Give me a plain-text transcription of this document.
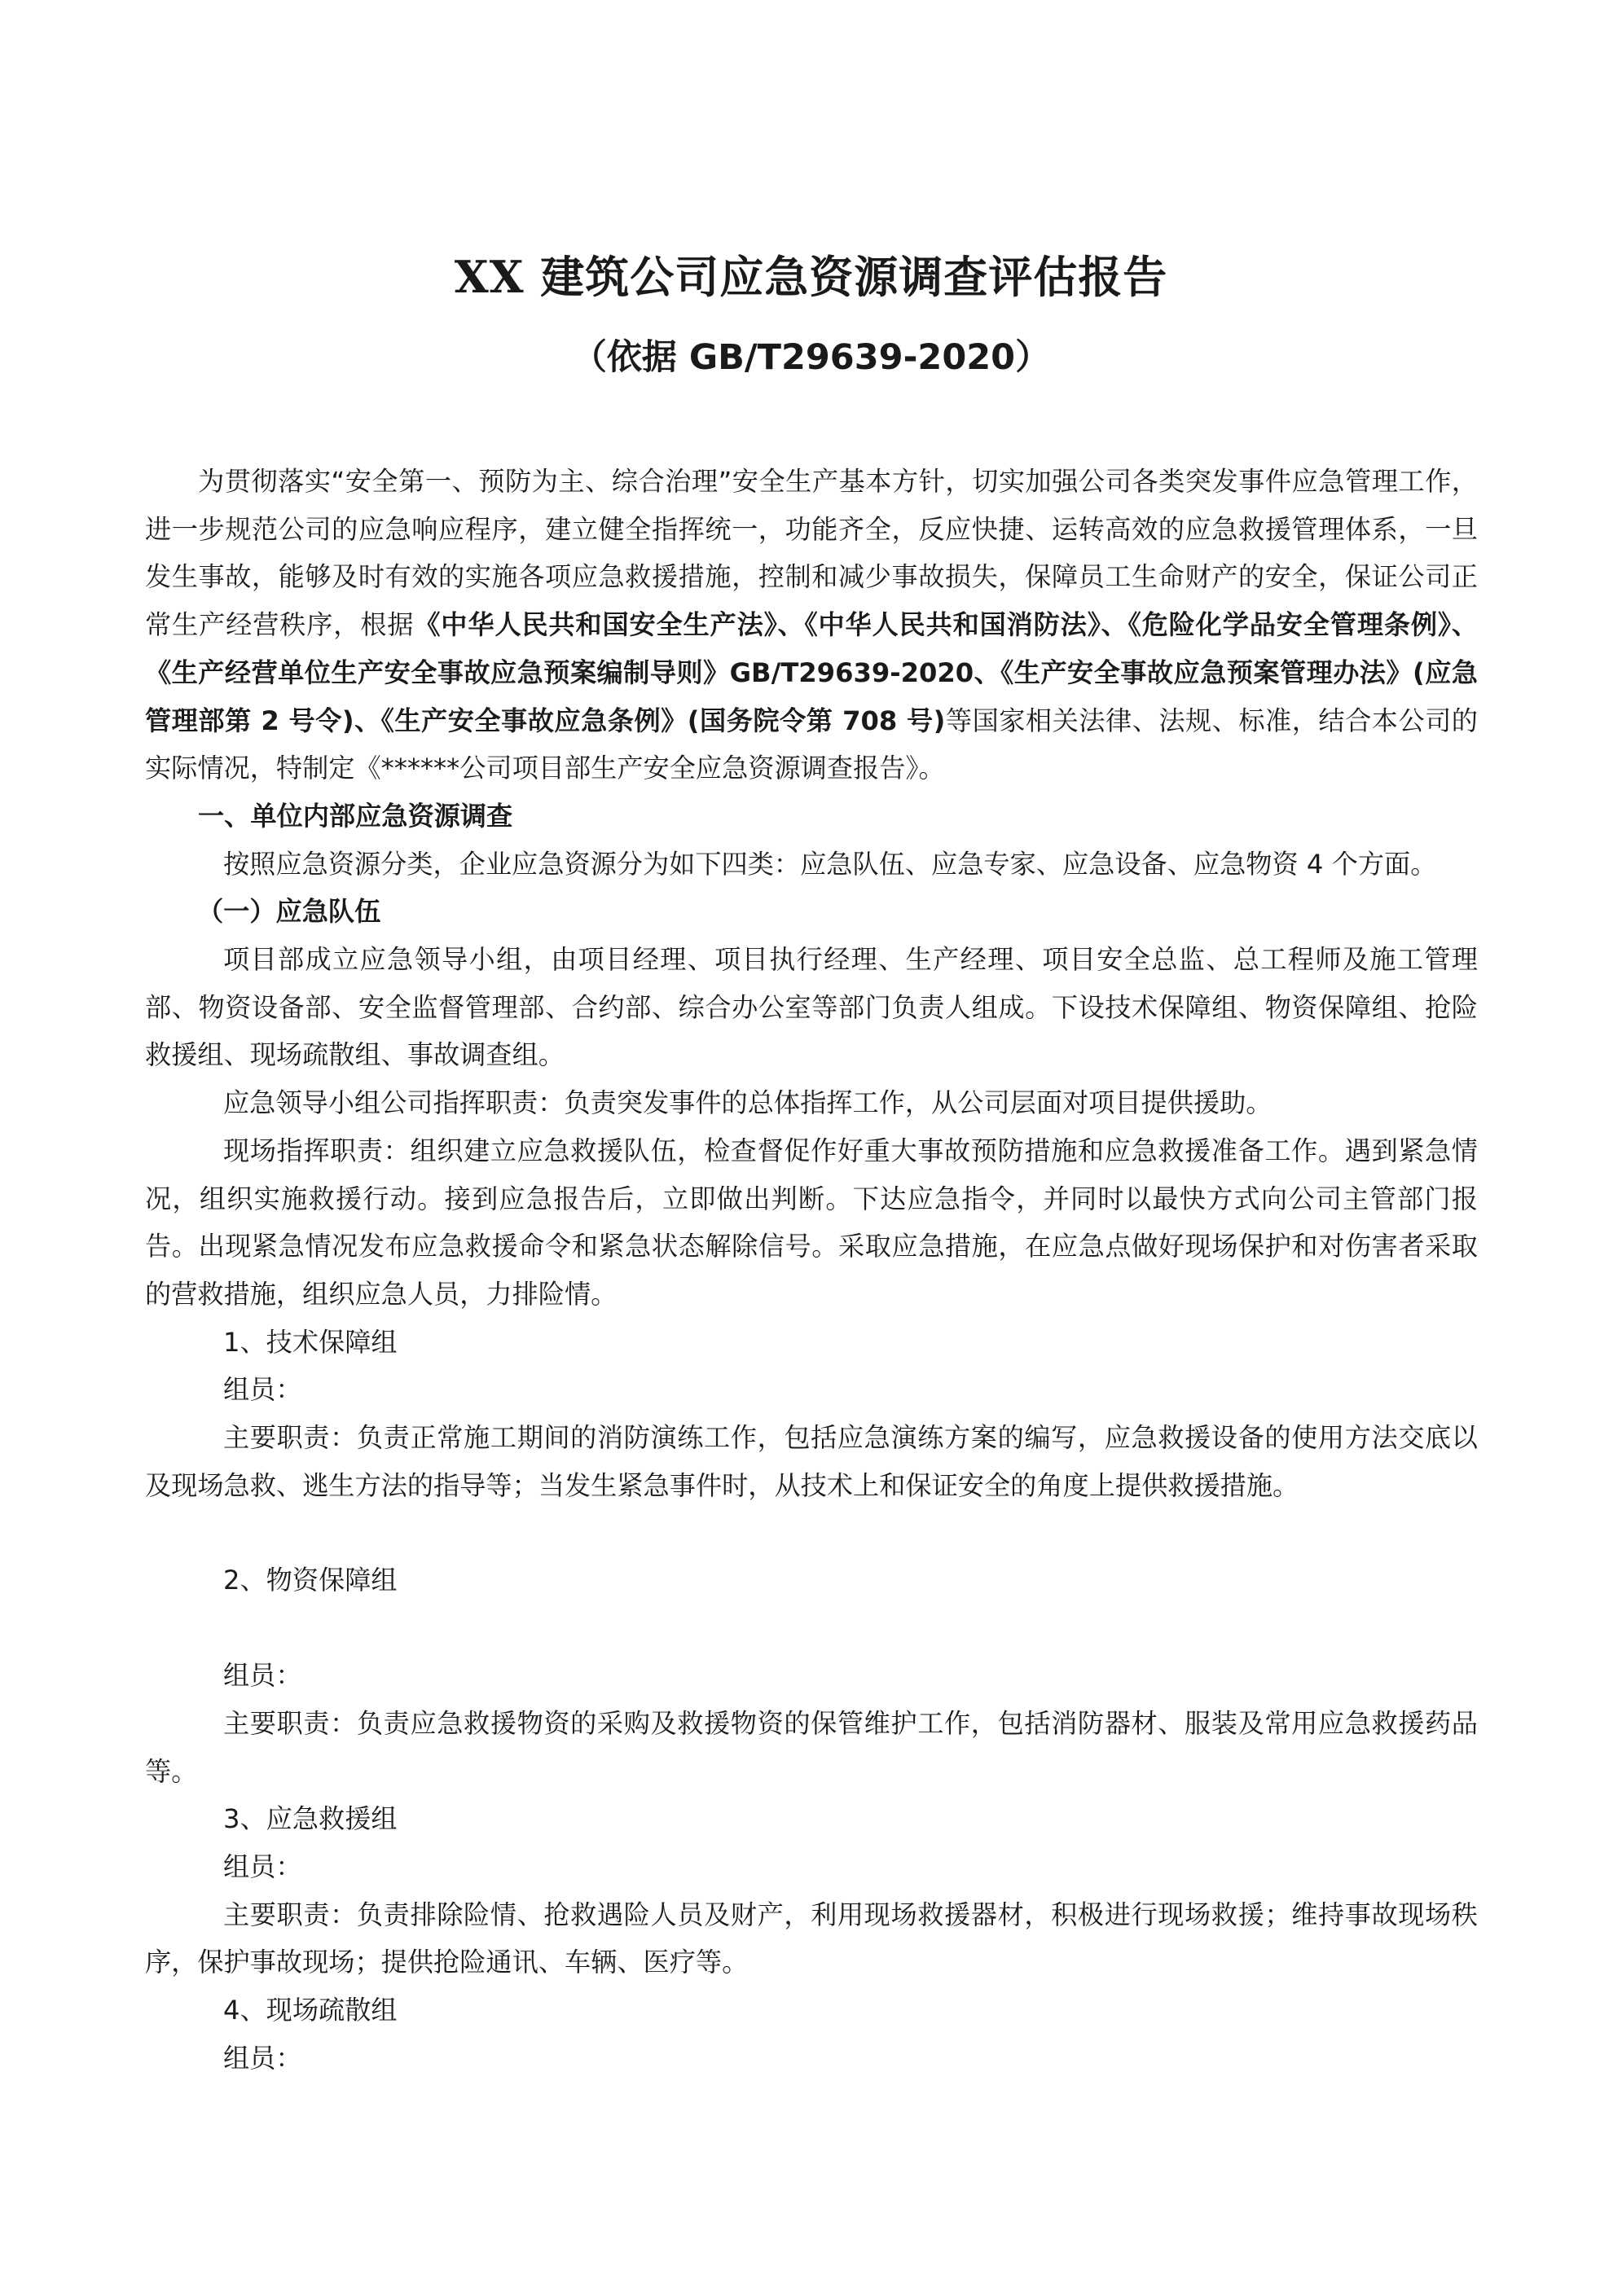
XX 建筑公司应急资源调查评估报告
（依据 GB/T29639-2020）

为贯彻落实“安全第一、预防为主、综合治理”安全生产基本方针，切实加强公司各类突发事件应急管理工作，进一步规范公司的应急响应程序，建立健全指挥统一，功能齐全，反应快捷、运转高效的应急救援管理体系，一旦发生事故，能够及时有效的实施各项应急救援措施，控制和减少事故损失，保障员工生命财产的安全，保证公司正常生产经营秩序，根据《中华人民共和国安全生产法》、《中华人民共和国消防法》、《危险化学品安全管理条例》、《生产经营单位生产安全事故应急预案编制导则》GB/T29639-2020、《生产安全事故应急预案管理办法》(应急管理部第 2 号令)、《生产安全事故应急条例》(国务院令第 708 号)等国家相关法律、法规、标准，结合本公司的实际情况，特制定《******公司项目部生产安全应急资源调查报告》。

一、单位内部应急资源调查

按照应急资源分类，企业应急资源分为如下四类：应急队伍、应急专家、应急设备、应急物资 4 个方面。

（一）应急队伍

项目部成立应急领导小组，由项目经理、项目执行经理、生产经理、项目安全总监、总工程师及施工管理部、物资设备部、安全监督管理部、合约部、综合办公室等部门负责人组成。下设技术保障组、物资保障组、抢险救援组、现场疏散组、事故调查组。

应急领导小组公司指挥职责：负责突发事件的总体指挥工作，从公司层面对项目提供援助。

现场指挥职责：组织建立应急救援队伍，检查督促作好重大事故预防措施和应急救援准备工作。遇到紧急情况，组织实施救援行动。接到应急报告后，立即做出判断。下达应急指令，并同时以最快方式向公司主管部门报告。出现紧急情况发布应急救援命令和紧急状态解除信号。采取应急措施，在应急点做好现场保护和对伤害者采取的营救措施，组织应急人员，力排险情。

1、技术保障组

组员：

主要职责：负责正常施工期间的消防演练工作，包括应急演练方案的编写，应急救援设备的使用方法交底以及现场急救、逃生方法的指导等；当发生紧急事件时，从技术上和保证安全的角度上提供救援措施。

2、物资保障组

组员：

主要职责：负责应急救援物资的采购及救援物资的保管维护工作，包括消防器材、服装及常用应急救援药品等。

3、应急救援组

组员：

主要职责：负责排除险情、抢救遇险人员及财产，利用现场救援器材，积极进行现场救援；维持事故现场秩序，保护事故现场；提供抢险通讯、车辆、医疗等。

4、现场疏散组

组员：
